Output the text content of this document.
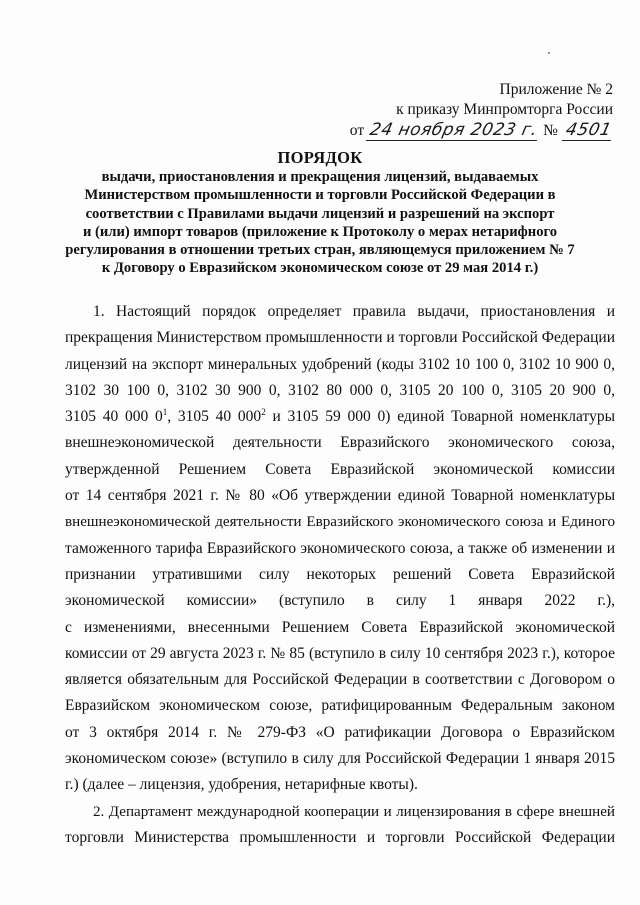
Приложение № 2
к приказу Минпромторга России
от 24 ноября 2023 г. № 4501
ПОРЯДОК
выдачи, приостановления и прекращения лицензий, выдаваемых
Министерством промышленности и торговли Российской Федерации в
соответствии с Правилами выдачи лицензий и разрешений на экспорт
и (или) импорт товаров (приложение к Протоколу о мерах нетарифного
регулирования в отношении третьих стран, являющемуся приложением № 7
к Договору о Евразийском экономическом союзе от 29 мая 2014 г.)
1. Настоящий порядок определяет правила выдачи, приостановления и
прекращения Министерством промышленности и торговли Российской Федерации
лицензий на экспорт минеральных удобрений (коды 3102 10 100 0, 3102 10 900 0,
3102 30 100 0, 3102 30 900 0, 3102 80 000 0, 3105 20 100 0, 3105 20 900 0,
3105 40 000 $0^1$, 3105 40 $000^2$ и 3105 59 000 0) единой Товарной номенклатуры
внешнеэкономической деятельности Евразийского экономического союза,
утвержденной Решением Совета Евразийской экономической комиссии
от 14 сентября 2021 г. № 80 «Об утверждении единой Товарной номенклатуры
внешнеэкономической деятельности Евразийского экономического союза и Единого
таможенного тарифа Евразийского экономического союза, а также об изменении и
признании утратившими силу некоторых решений Совета Евразийской
экономической комиссии» (вступило в силу 1 января 2022 г.),
с изменениями, внесенными Решением Совета Евразийской экономической
комиссии от 29 августа 2023 г. № 85 (вступило в силу 10 сентября 2023 г.), которое
является обязательным для Российской Федерации в соответствии с Договором о
Евразийском экономическом союзе, ратифицированным Федеральным законом
от 3 октября 2014 г. № 279-ФЗ «О ратификации Договора о Евразийском
экономическом союзе» (вступило в силу для Российской Федерации 1 января 2015
г.) (далее – лицензия, удобрения, нетарифные квоты).
2. Департамент международной кооперации и лицензирования в сфере внешней
торговли Министерства промышленности и торговли Российской Федерации
